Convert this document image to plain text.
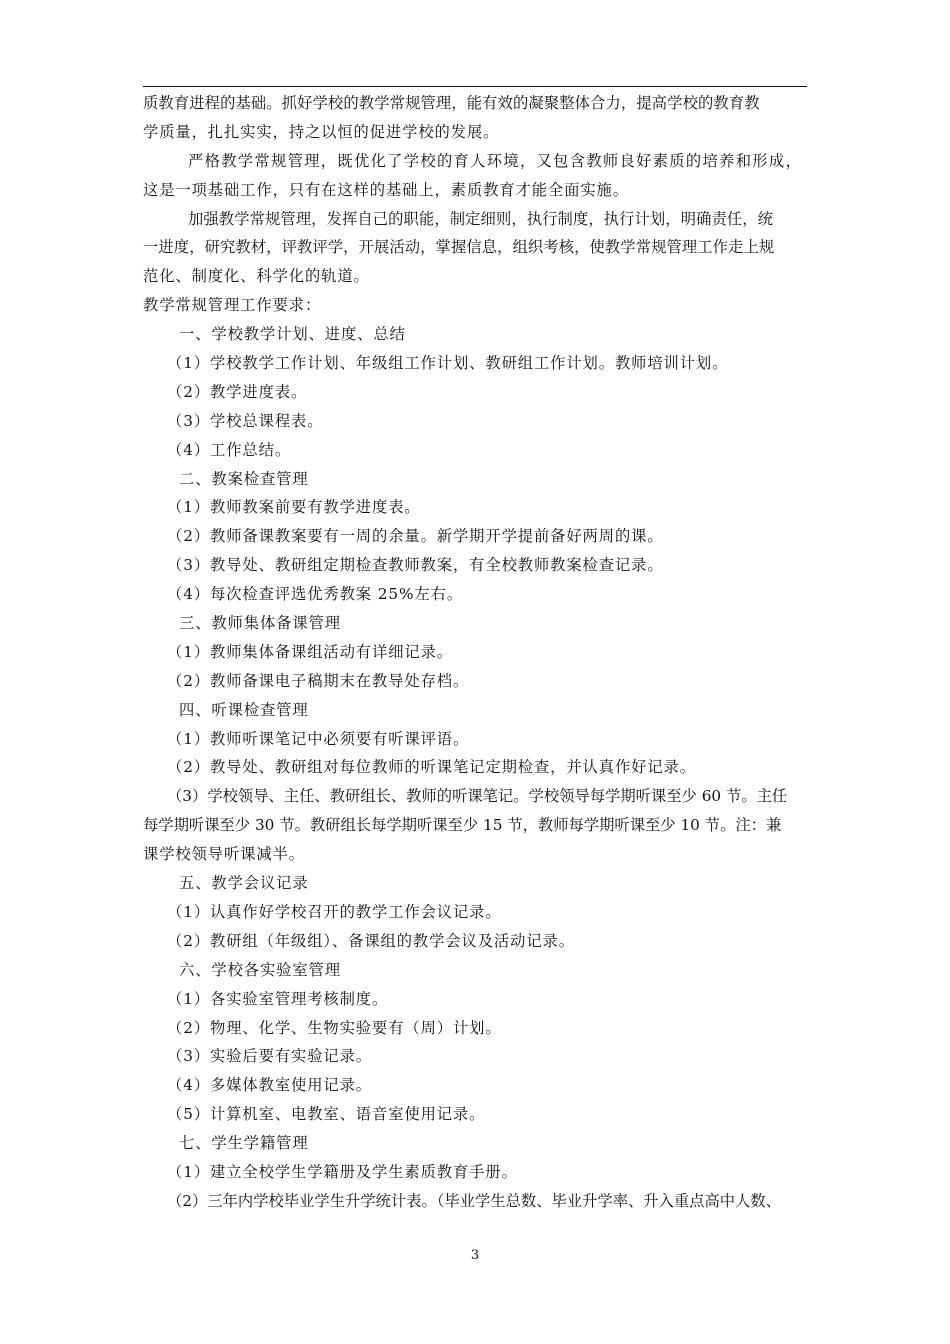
质教育进程的基础。抓好学校的教学常规管理，能有效的凝聚整体合力，提高学校的教育教
学质量，扎扎实实，持之以恒的促进学校的发展。
严格教学常规管理，既优化了学校的育人环境，又包含教师良好素质的培养和形成，
这是一项基础工作，只有在这样的基础上，素质教育才能全面实施。
加强教学常规管理，发挥自己的职能，制定细则，执行制度，执行计划，明确责任，统
一进度，研究教材，评教评学，开展活动，掌握信息，组织考核，使教学常规管理工作走上规
范化、制度化、科学化的轨道。
教学常规管理工作要求：
一、学校教学计划、进度、总结
（1）学校教学工作计划、年级组工作计划、教研组工作计划。教师培训计划。
（2）教学进度表。
（3）学校总课程表。
（4）工作总结。
二、教案检查管理
（1）教师教案前要有教学进度表。
（2）教师备课教案要有一周的余量。新学期开学提前备好两周的课。
（3）教导处、教研组定期检查教师教案，有全校教师教案检查记录。
（4）每次检查评选优秀教案 25%左右。
三、教师集体备课管理
（1）教师集体备课组活动有详细记录。
（2）教师备课电子稿期末在教导处存档。
四、听课检查管理
（1）教师听课笔记中必须要有听课评语。
（2）教导处、教研组对每位教师的听课笔记定期检查，并认真作好记录。
（3）学校领导、主任、教研组长、教师的听课笔记。学校领导每学期听课至少 60 节。主任
每学期听课至少 30 节。教研组长每学期听课至少 15 节，教师每学期听课至少 10 节。注：兼
课学校领导听课减半。
五、教学会议记录
（1）认真作好学校召开的教学工作会议记录。
（2）教研组（年级组）、备课组的教学会议及活动记录。
六、学校各实验室管理
（1）各实验室管理考核制度。
（2）物理、化学、生物实验要有（周）计划。
（3）实验后要有实验记录。
（4）多媒体教室使用记录。
（5）计算机室、电教室、语音室使用记录。
七、学生学籍管理
（1）建立全校学生学籍册及学生素质教育手册。
（2）三年内学校毕业学生升学统计表。（毕业学生总数、毕业升学率、升入重点高中人数、
3
